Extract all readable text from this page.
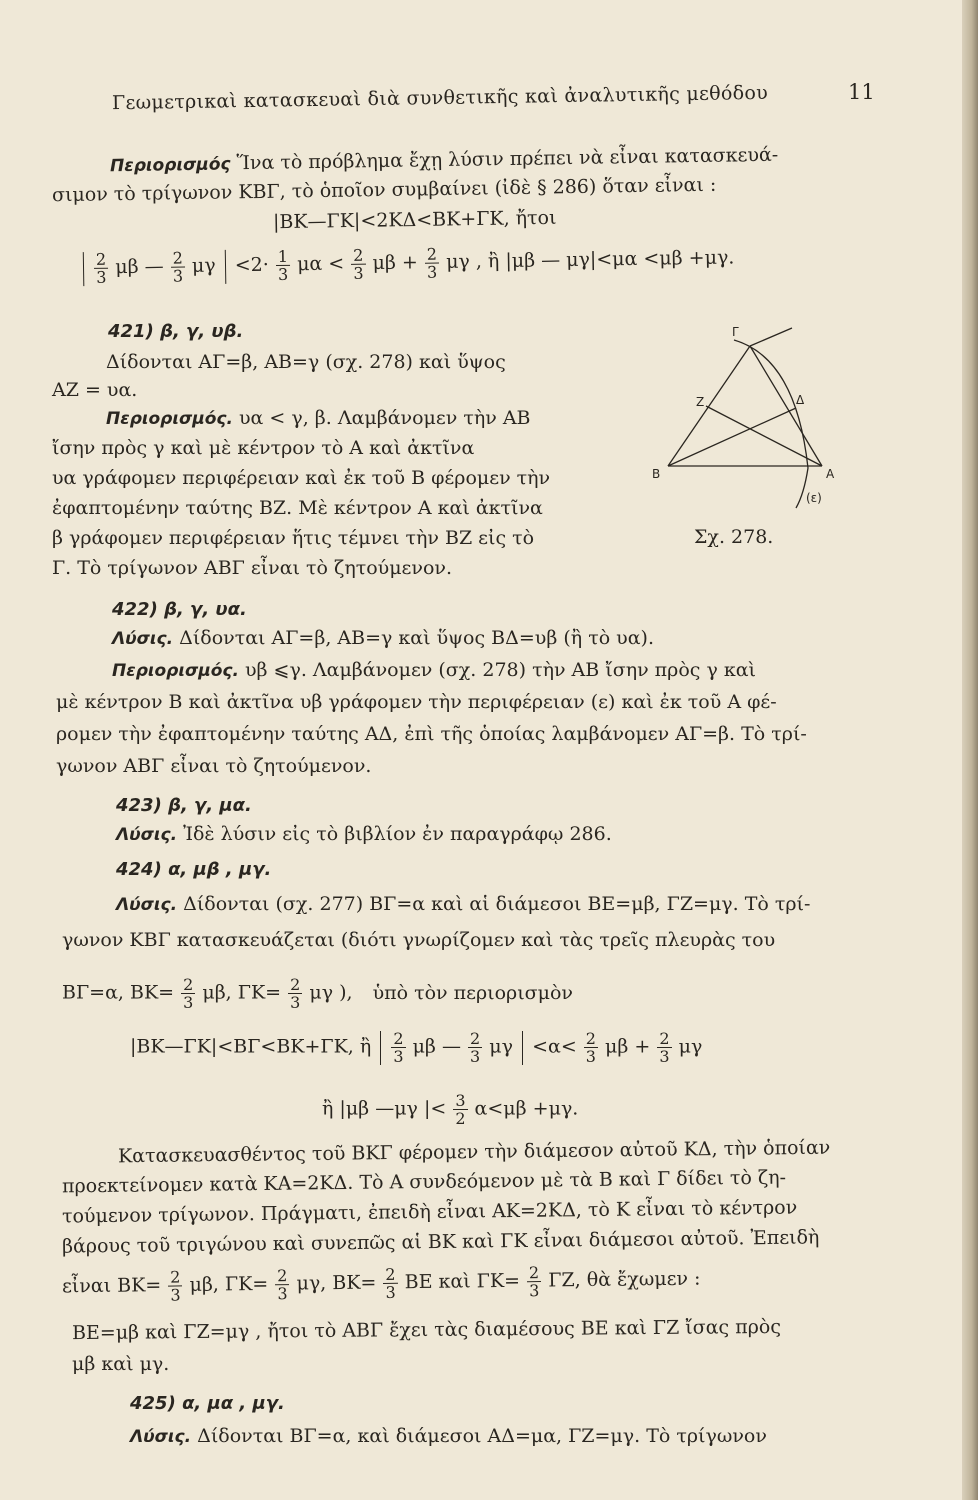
Γεωμετρικαὶ κατασκευαὶ διὰ συνθετικῆς καὶ ἀναλυτικῆς μεθόδου	11
Περιορισμός Ἵνα τὸ πρόβλημα ἔχῃ λύσιν πρέπει νὰ εἶναι κατασκευά-
σιμον τὸ τρίγωνον ΚΒΓ, τὸ ὁποῖον συμβαίνει (ἰδὲ § 286) ὅταν εἶναι :
|ΒΚ—ΓΚ|<2ΚΔ<ΒΚ+ΓΚ, ἤτοι

$\frac{2}{3}$ μβ — $\frac{2}{3}$ $\mu\gamma <2\cdot \frac{1}{3}$ $\mu\alpha < \frac{2}{3}$ $\mu\beta + \frac{2}{3}$ μγ , ἢ |μβ — μγ|<μα <μβ +μγ.
421) β, γ, υβ.
Δίδονται ΑΓ=β, ΑΒ=γ (σχ. 278) καὶ ὕψος
ΑΖ = υα.
Περιορισμός. υα < γ, β. Λαμβάνομεν τὴν ΑΒ
ἴσην πρὸς γ καὶ μὲ κέντρον τὸ Α καὶ ἀκτῖνα
υα γράφομεν περιφέρειαν καὶ ἐκ τοῦ Β φέρομεν τὴν
ἐφαπτομένην ταύτης ΒΖ. Μὲ κέντρον Α καὶ ἀκτῖνα
β γράφομεν περιφέρειαν ἥτις τέμνει τὴν ΒΖ εἰς τὸ
Γ. Τὸ τρίγωνον ΑΒΓ εἶναι τὸ ζητούμενον.
Γ
Ζ	Δ
Β	Α
(ε)
Σχ. 278.
422) β, γ, υα.
Λύσις. Δίδονται ΑΓ=β, ΑΒ=γ καὶ ὕψος ΒΔ=υβ (ἢ τὸ υα).
Περιορισμός. υβ ⩽γ. Λαμβάνομεν (σχ. 278) τὴν ΑΒ ἴσην πρὸς γ καὶ
μὲ κέντρον Β καὶ ἀκτῖνα υβ γράφομεν τὴν περιφέρειαν (ε) καὶ ἐκ τοῦ Α φέ-
ρομεν τὴν ἐφαπτομένην ταύτης ΑΔ, ἐπὶ τῆς ὁποίας λαμβάνομεν ΑΓ=β. Τὸ τρί-
γωνον ΑΒΓ εἶναι τὸ ζητούμενον.
423) β, γ, μα.
Λύσις. Ἰδὲ λύσιν εἰς τὸ βιβλίον ἐν παραγράφῳ 286.
424) α, μβ , μγ.
Λύσις. Δίδονται (σχ. 277) ΒΓ=α καὶ αἱ διάμεσοι ΒΕ=μβ, ΓΖ=μγ. Τὸ τρί-
γωνον ΚΒΓ κατασκευάζεται (διότι γνωρίζομεν καὶ τὰς τρεῖς πλευρὰς του
ΒΓ=α, $BK= \frac{2}{3} \mu\beta$, $\Gamma K= \frac{2}{3}$ μγ ), ὑπὸ τὸν περιορισμὸν
|ΒΚ—ΓΚ|<ΒΓ<ΒΚ+ΓΚ, ἢ $\frac{2}{3}$ μβ — $\frac{2}{3}$ $\mu\gamma <\alpha< \frac{2}{3}$ $\mu\beta + \frac{2}{3}$ μγ
ἢ |μβ —μγ |< $\frac{3}{2} \alpha<\mu\beta +\mu\gamma$.
Κατασκευασθέντος τοῦ ΒΚΓ φέρομεν τὴν διάμεσον αὐτοῦ ΚΔ, τὴν ὁποίαν
προεκτείνομεν κατὰ ΚΑ=2ΚΔ. Τὸ Α συνδεόμενον μὲ τὰ Β καὶ Γ δίδει τὸ ζη-
τούμενον τρίγωνον. Πράγματι, ἐπειδὴ εἶναι ΑΚ=2ΚΔ, τὸ Κ εἶναι τὸ κέντρον
βάρους τοῦ τριγώνου καὶ συνεπῶς αἱ ΒΚ καὶ ΓΚ εἶναι διάμεσοι αὐτοῦ. Ἐπειδὴ
εἶναι $BK= \frac{2}{3} \mu\beta$, $\Gamma K= \frac{2}{3} \mu\gamma$, $BK= \frac{2}{3}$ ΒΕ καὶ $\Gamma K= \frac{2}{3} \Gamma Z$, θὰ ἔχωμεν :
ΒΕ=μβ καὶ ΓΖ=μγ , ἤτοι τὸ ΑΒΓ ἔχει τὰς διαμέσους ΒΕ καὶ ΓΖ ἴσας πρὸς
μβ καὶ μγ.
425) α, μα , μγ.
Λύσις. Δίδονται ΒΓ=α, καὶ διάμεσοι ΑΔ=μα, ΓΖ=μγ. Τὸ τρίγωνον
